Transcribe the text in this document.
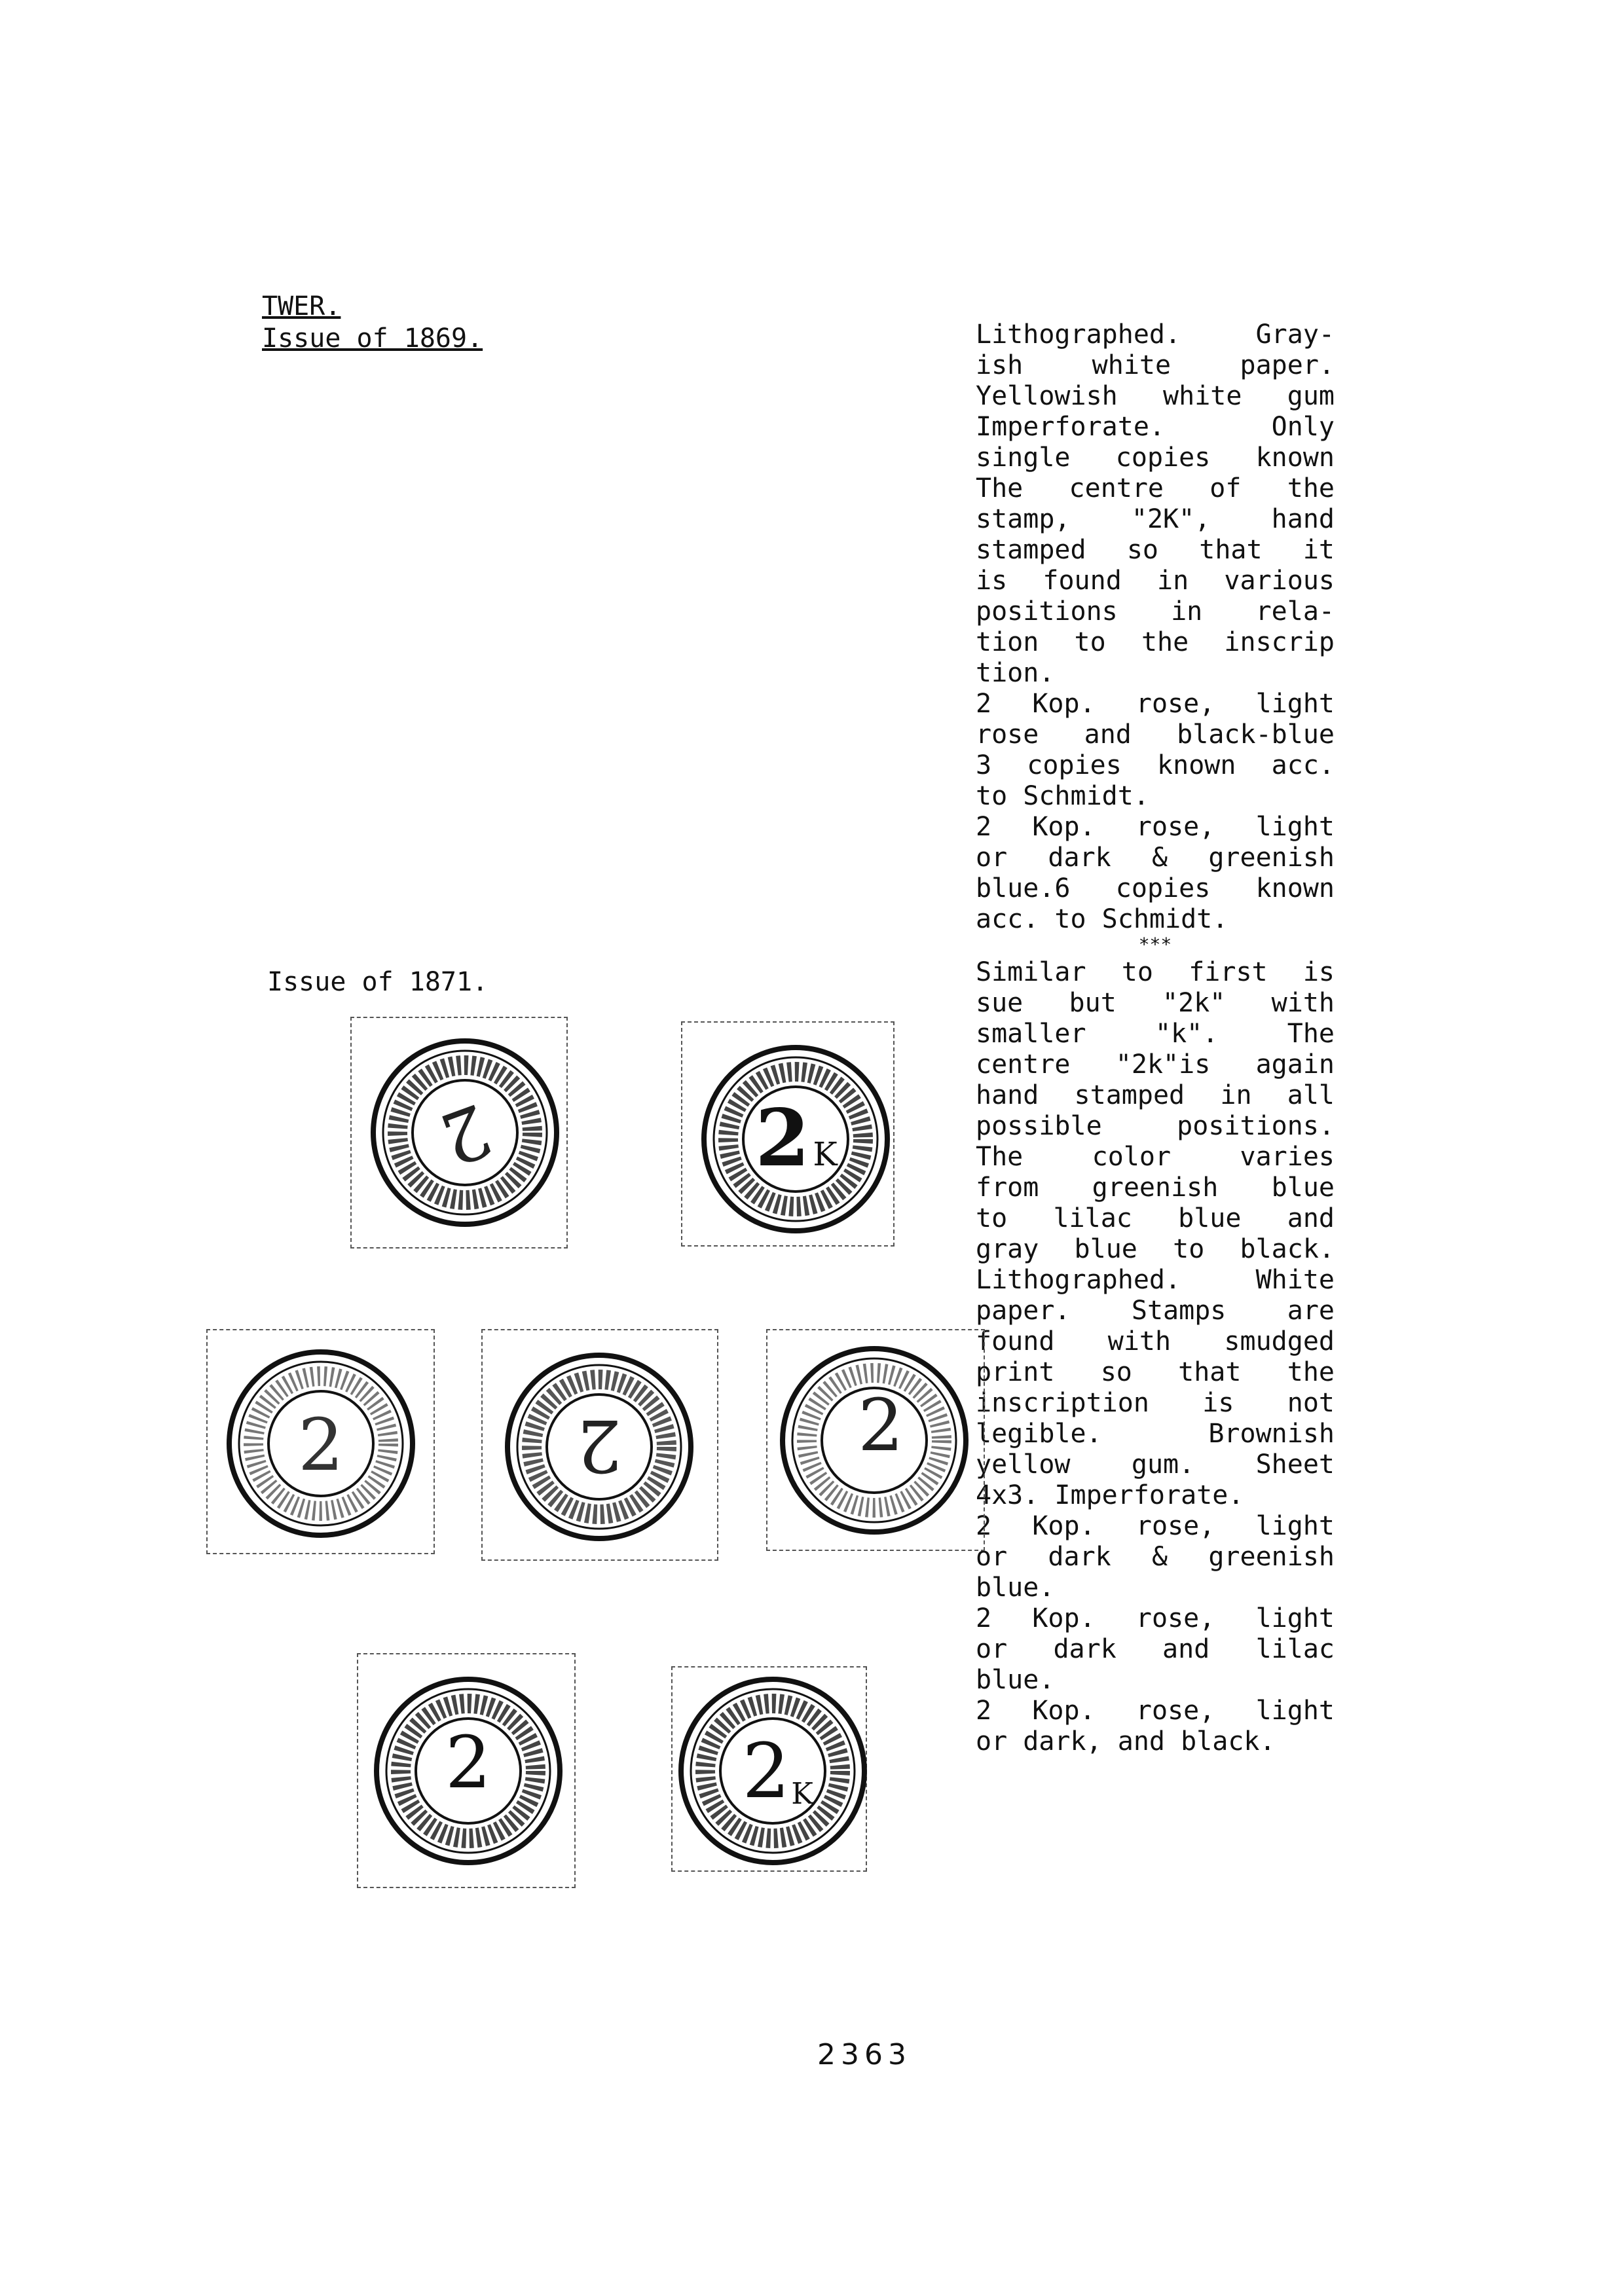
TWER.
Issue of 1869.
Issue of 1871.
Lithographed. Gray-
ish white paper.
Yellowish white gum
Imperforate. Only
single copies known
The centre of the
stamp, "2K", hand
stamped so that it
is found in various
positions in rela-
tion to the inscrip
tion.
2 Kop. rose, light
rose and black-blue
3 copies known acc.
to Schmidt.
2 Kop. rose, light
or dark & greenish
blue.6 copies known
acc. to Schmidt.
***
Similar to first is
sue but "2k" with
smaller "k". The
centre "2k"is again
hand stamped in all
possible positions.
The color varies
from greenish blue
to lilac blue and
gray blue to black.
Lithographed. White
paper. Stamps are
found with smudged
print so that the
inscription is not
legible. Brownish
yellow gum. Sheet
4x3. Imperforate.
2 Kop. rose, light
or dark & greenish
blue.
2 Kop. rose, light
or dark and lilac
blue.
2 Kop. rose, light
or dark, and black.
2	2 K
2	2	2
2	2 K
2363
